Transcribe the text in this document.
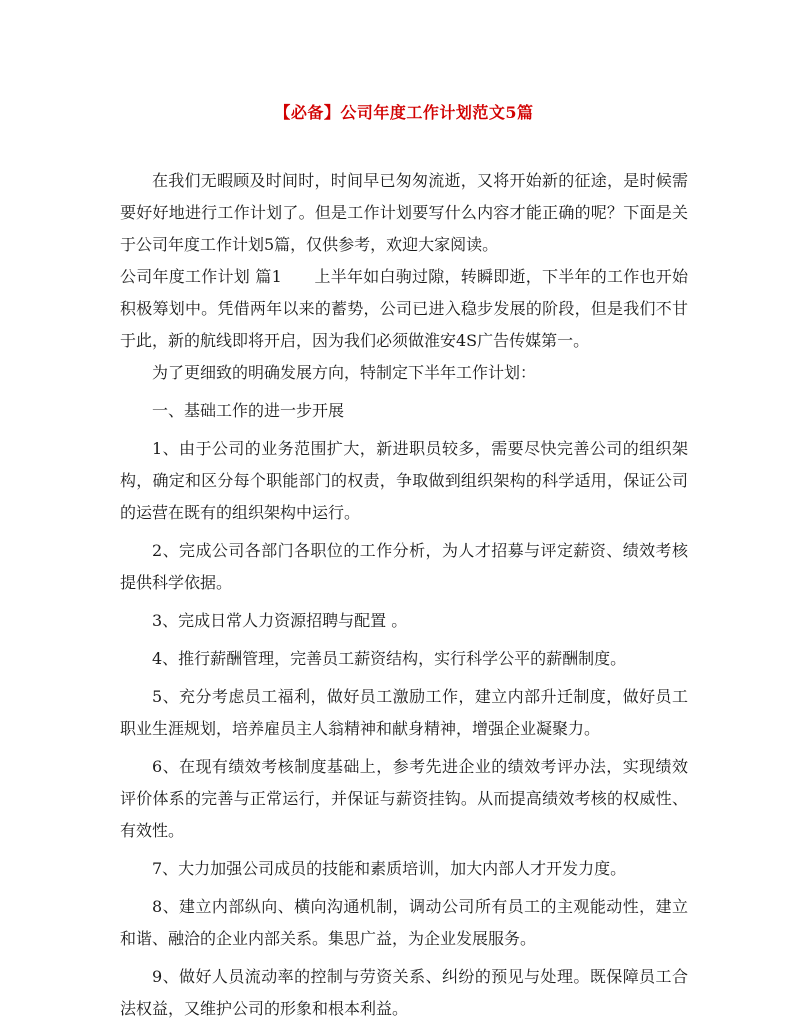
【必备】公司年度工作计划范文5篇

在我们无暇顾及时间时，时间早已匆匆流逝，又将开始新的征途，是时候需要好好地进行工作计划了。但是工作计划要写什么内容才能正确的呢？下面是关于公司年度工作计划5篇，仅供参考，欢迎大家阅读。

公司年度工作计划 篇1　　上半年如白驹过隙，转瞬即逝，下半年的工作也开始积极筹划中。凭借两年以来的蓄势，公司已进入稳步发展的阶段，但是我们不甘于此，新的航线即将开启，因为我们必须做淮安4S广告传媒第一。

为了更细致的明确发展方向，特制定下半年工作计划：

一、基础工作的进一步开展

1、由于公司的业务范围扩大，新进职员较多，需要尽快完善公司的组织架构，确定和区分每个职能部门的权责，争取做到组织架构的科学适用，保证公司的运营在既有的组织架构中运行。

2、完成公司各部门各职位的工作分析，为人才招募与评定薪资、绩效考核提供科学依据。

3、完成日常人力资源招聘与配置 。

4、推行薪酬管理，完善员工薪资结构，实行科学公平的薪酬制度。

5、充分考虑员工福利，做好员工激励工作，建立内部升迁制度，做好员工职业生涯规划，培养雇员主人翁精神和献身精神，增强企业凝聚力。

6、在现有绩效考核制度基础上，参考先进企业的绩效考评办法，实现绩效评价体系的完善与正常运行，并保证与薪资挂钩。从而提高绩效考核的权威性、有效性。

7、大力加强公司成员的技能和素质培训，加大内部人才开发力度。

8、建立内部纵向、横向沟通机制，调动公司所有员工的主观能动性，建立和谐、融洽的企业内部关系。集思广益，为企业发展服务。

9、做好人员流动率的控制与劳资关系、纠纷的预见与处理。既保障员工合法权益，又维护公司的形象和根本利益。
